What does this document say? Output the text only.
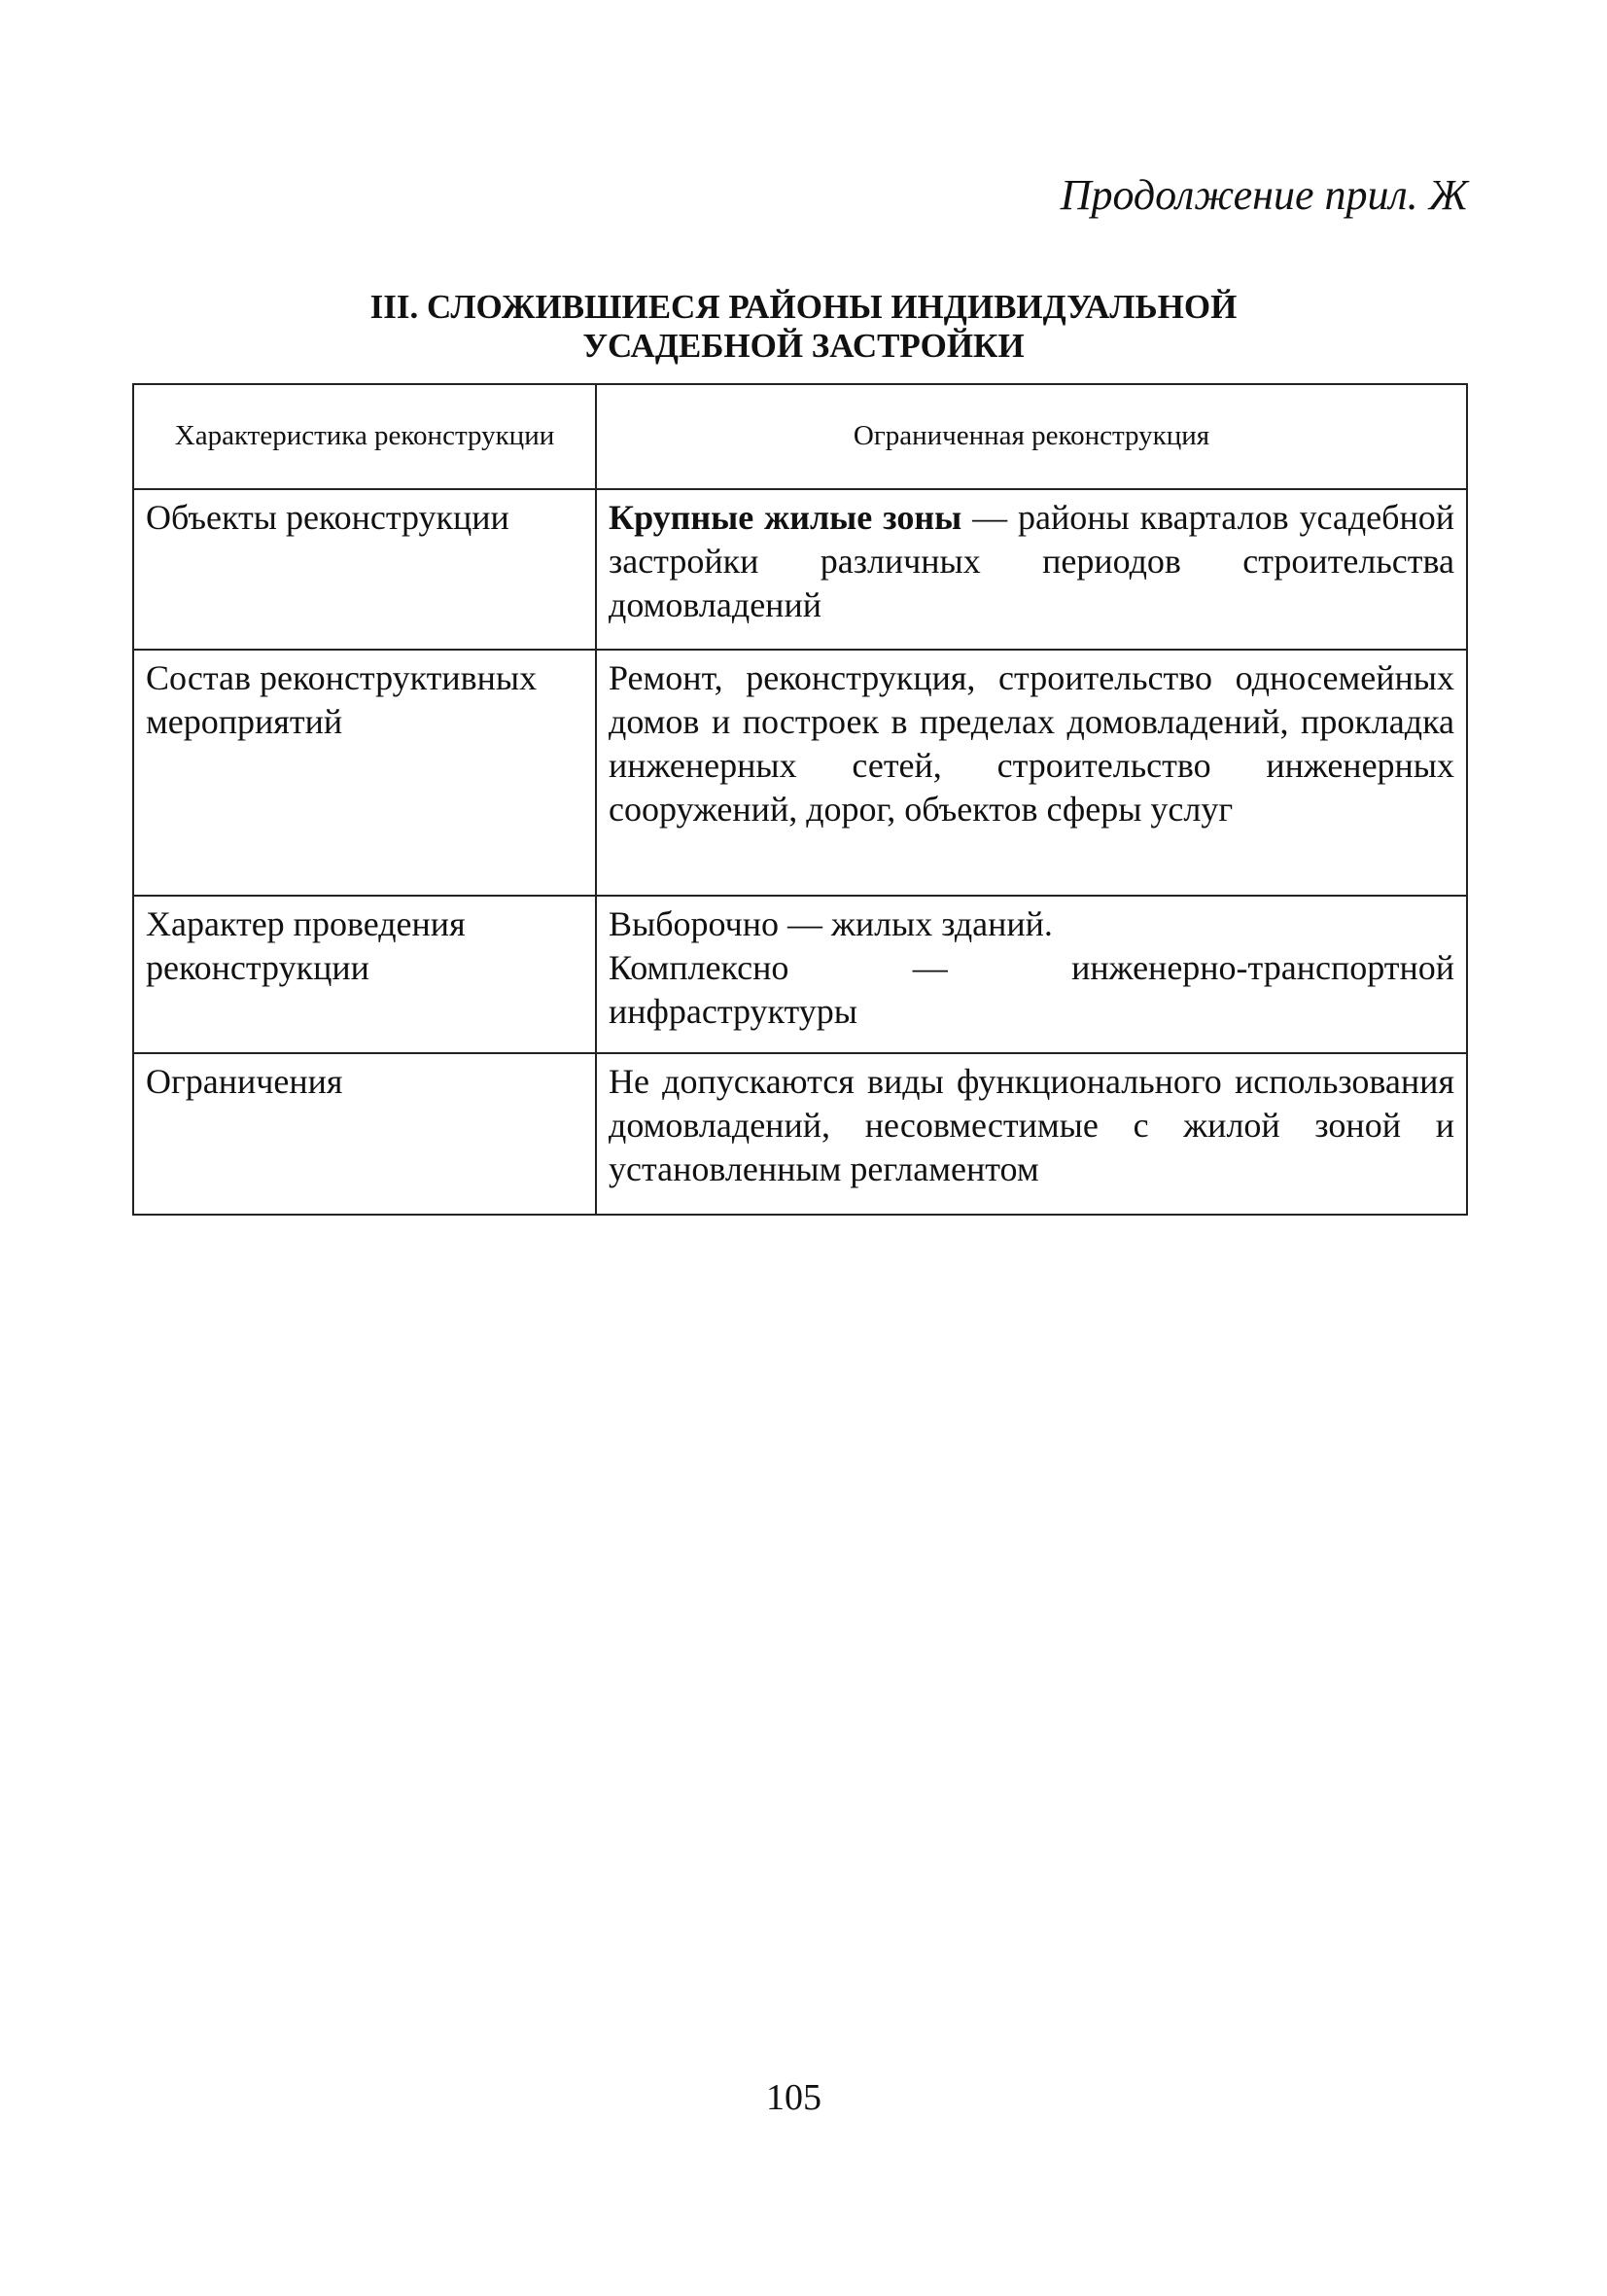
Продолжение прил. Ж
III. СЛОЖИВШИЕСЯ РАЙОНЫ ИНДИВИДУАЛЬНОЙ
УСАДЕБНОЙ ЗАСТРОЙКИ
Характеристика реконструкции	Ограниченная реконструкция
Объекты реконструкции	Крупные жилые зоны — районы кварталов усадебной застройки различных периодов строительства домовладений
Состав реконструктивных мероприятий	Ремонт, реконструкция, строительство односемейных домов и построек в пределах домовладений, прокладка инженерных сетей, строительство инженерных сооружений, дорог, объектов сферы услуг
Характер проведения реконструкции	Выборочно — жилых зданий.
Комплексно — инженерно-транспортной инфраструктуры

Ограничения	Не допускаются виды функционального использования домовладений, несовместимые с жилой зоной и установленным регламентом
105
